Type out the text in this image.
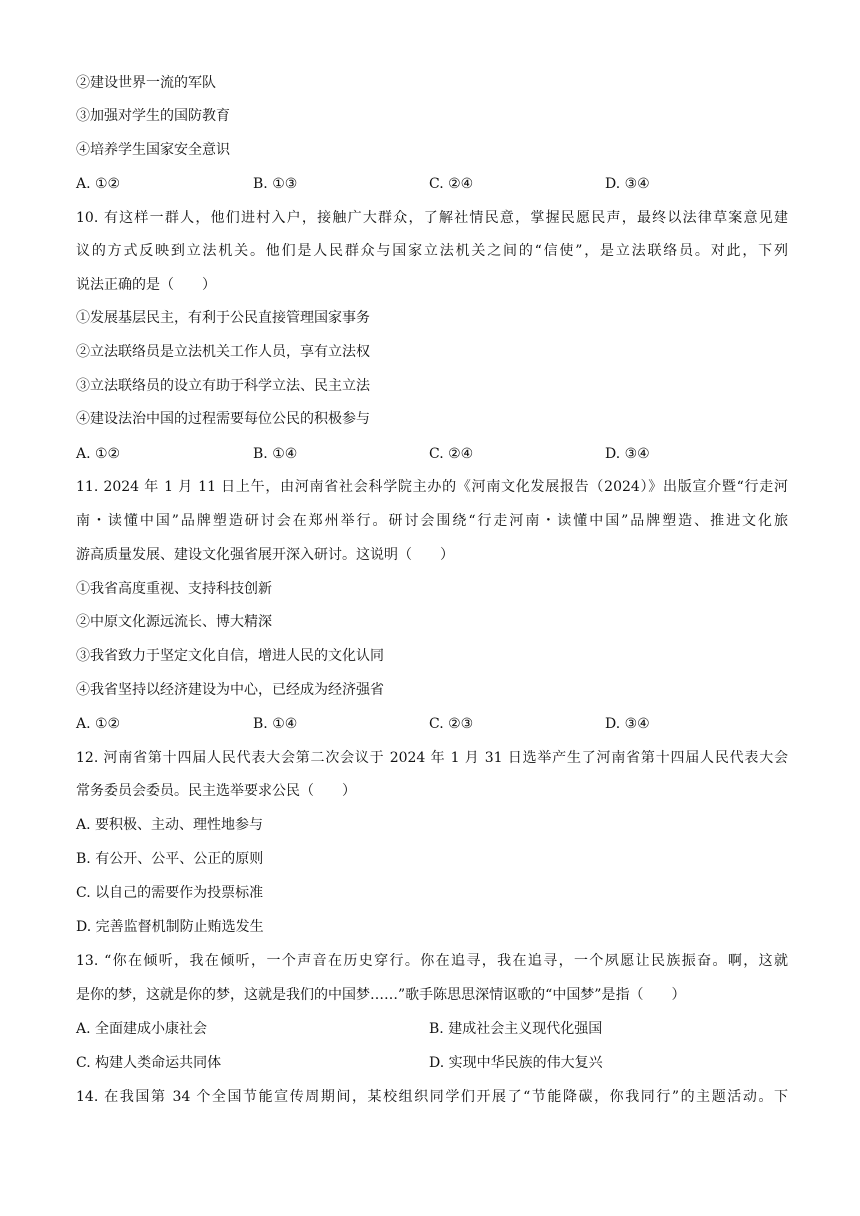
②建设世界一流的军队
③加强对学生的国防教育
④培养学生国家安全意识
A. ①②	B. ①③	C. ②④	D. ③④
10. 有这样一群人，他们进村入户，接触广大群众，了解社情民意，掌握民愿民声，最终以法律草案意见建
议的方式反映到立法机关。他们是人民群众与国家立法机关之间的“信使”，是立法联络员。对此，下列
说法正确的是（　　）
①发展基层民主，有利于公民直接管理国家事务
②立法联络员是立法机关工作人员，享有立法权
③立法联络员的设立有助于科学立法、民主立法
④建设法治中国的过程需要每位公民的积极参与
A. ①②	B. ①④	C. ②④	D. ③④
11. 2024 年 1 月 11 日上午，由河南省社会科学院主办的《河南文化发展报告（2024）》出版宣介暨“行走河
南・读懂中国”品牌塑造研讨会在郑州举行。研讨会围绕“行走河南・读懂中国”品牌塑造、推进文化旅
游高质量发展、建设文化强省展开深入研讨。这说明（　　）
①我省高度重视、支持科技创新
②中原文化源远流长、博大精深
③我省致力于坚定文化自信，增进人民的文化认同
④我省坚持以经济建设为中心，已经成为经济强省
A. ①②	B. ①④	C. ②③	D. ③④
12. 河南省第十四届人民代表大会第二次会议于 2024 年 1 月 31 日选举产生了河南省第十四届人民代表大会
常务委员会委员。民主选举要求公民（　　）
A. 要积极、主动、理性地参与
B. 有公开、公平、公正的原则
C. 以自己的需要作为投票标准
D. 完善监督机制防止贿选发生
13. “你在倾听，我在倾听，一个声音在历史穿行。你在追寻，我在追寻，一个夙愿让民族振奋。啊，这就
是你的梦，这就是你的梦，这就是我们的中国梦……”歌手陈思思深情讴歌的“中国梦”是指（　　）
A. 全面建成小康社会	B. 建成社会主义现代化强国
C. 构建人类命运共同体	D. 实现中华民族的伟大复兴
14. 在我国第 34 个全国节能宣传周期间，某校组织同学们开展了“节能降碳，你我同行”的主题活动。下
